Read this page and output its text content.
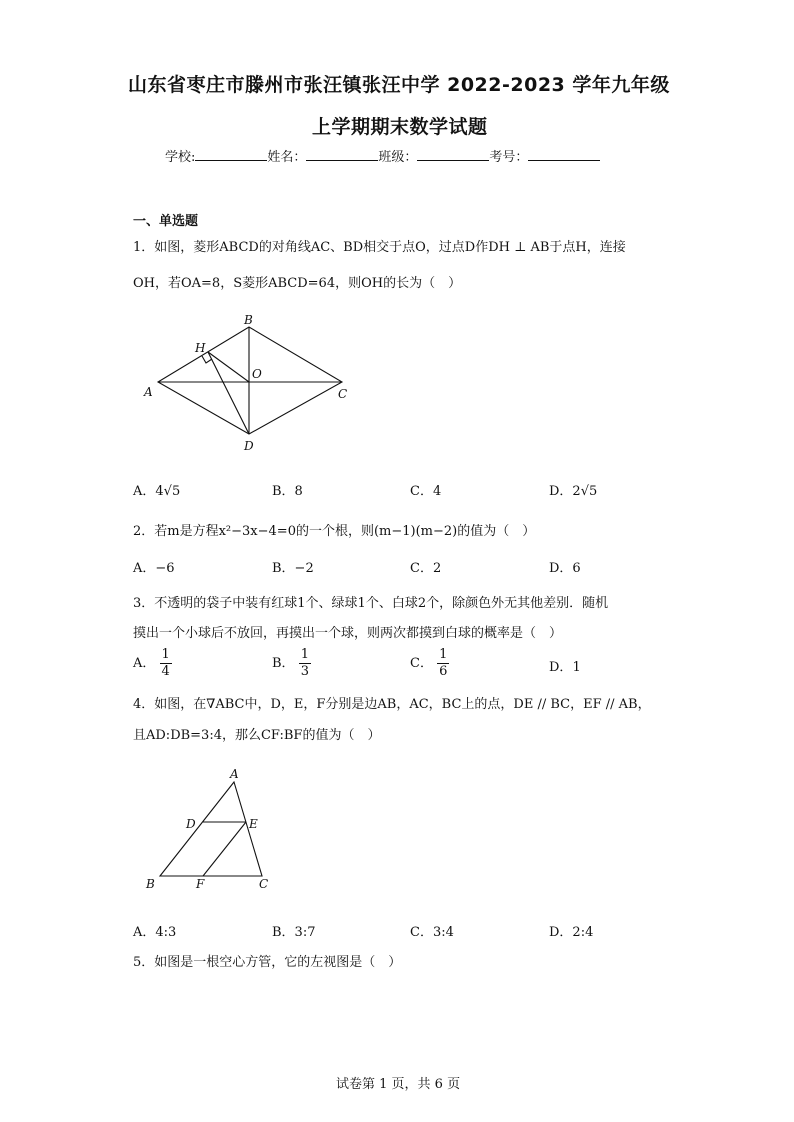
山东省枣庄市滕州市张汪镇张汪中学 2022-2023 学年九年级
上学期期末数学试题
学校:	姓名：	班级：	考号：
一、单选题
1．如图，菱形ABCD的对角线AC、BD相交于点O，过点D作DH ⊥ AB于点H，连接
OH，若OA=8，S菱形ABCD=64，则OH的长为（　）
A
B
C
D
H
O
A．4√5	B．8	C．4	D．2√5
2．若m是方程x²−3x−4=0的一个根，则(m−1)(m−2)的值为（　）
A．−6	B．−2	C．2	D．6
3．不透明的袋子中装有红球1个、绿球1个、白球2个，除颜色外无其他差别．随机
摸出一个小球后不放回，再摸出一个球，则两次都摸到白球的概率是（　）
A． $\frac{1}{4}$	B． $\frac{1}{3}$	C． $\frac{1}{6}$	D．1
4．如图，在∇ABC中，D，E，F分别是边AB，AC，BC上的点，DE // BC，EF // AB，
且AD:DB=3:4，那么CF:BF的值为（　）
A
B	C
D	E
F
A．4:3	B．3:7	C．3:4	D．2:4
5．如图是一根空心方管，它的左视图是（　）
试卷第 1 页，共 6 页
